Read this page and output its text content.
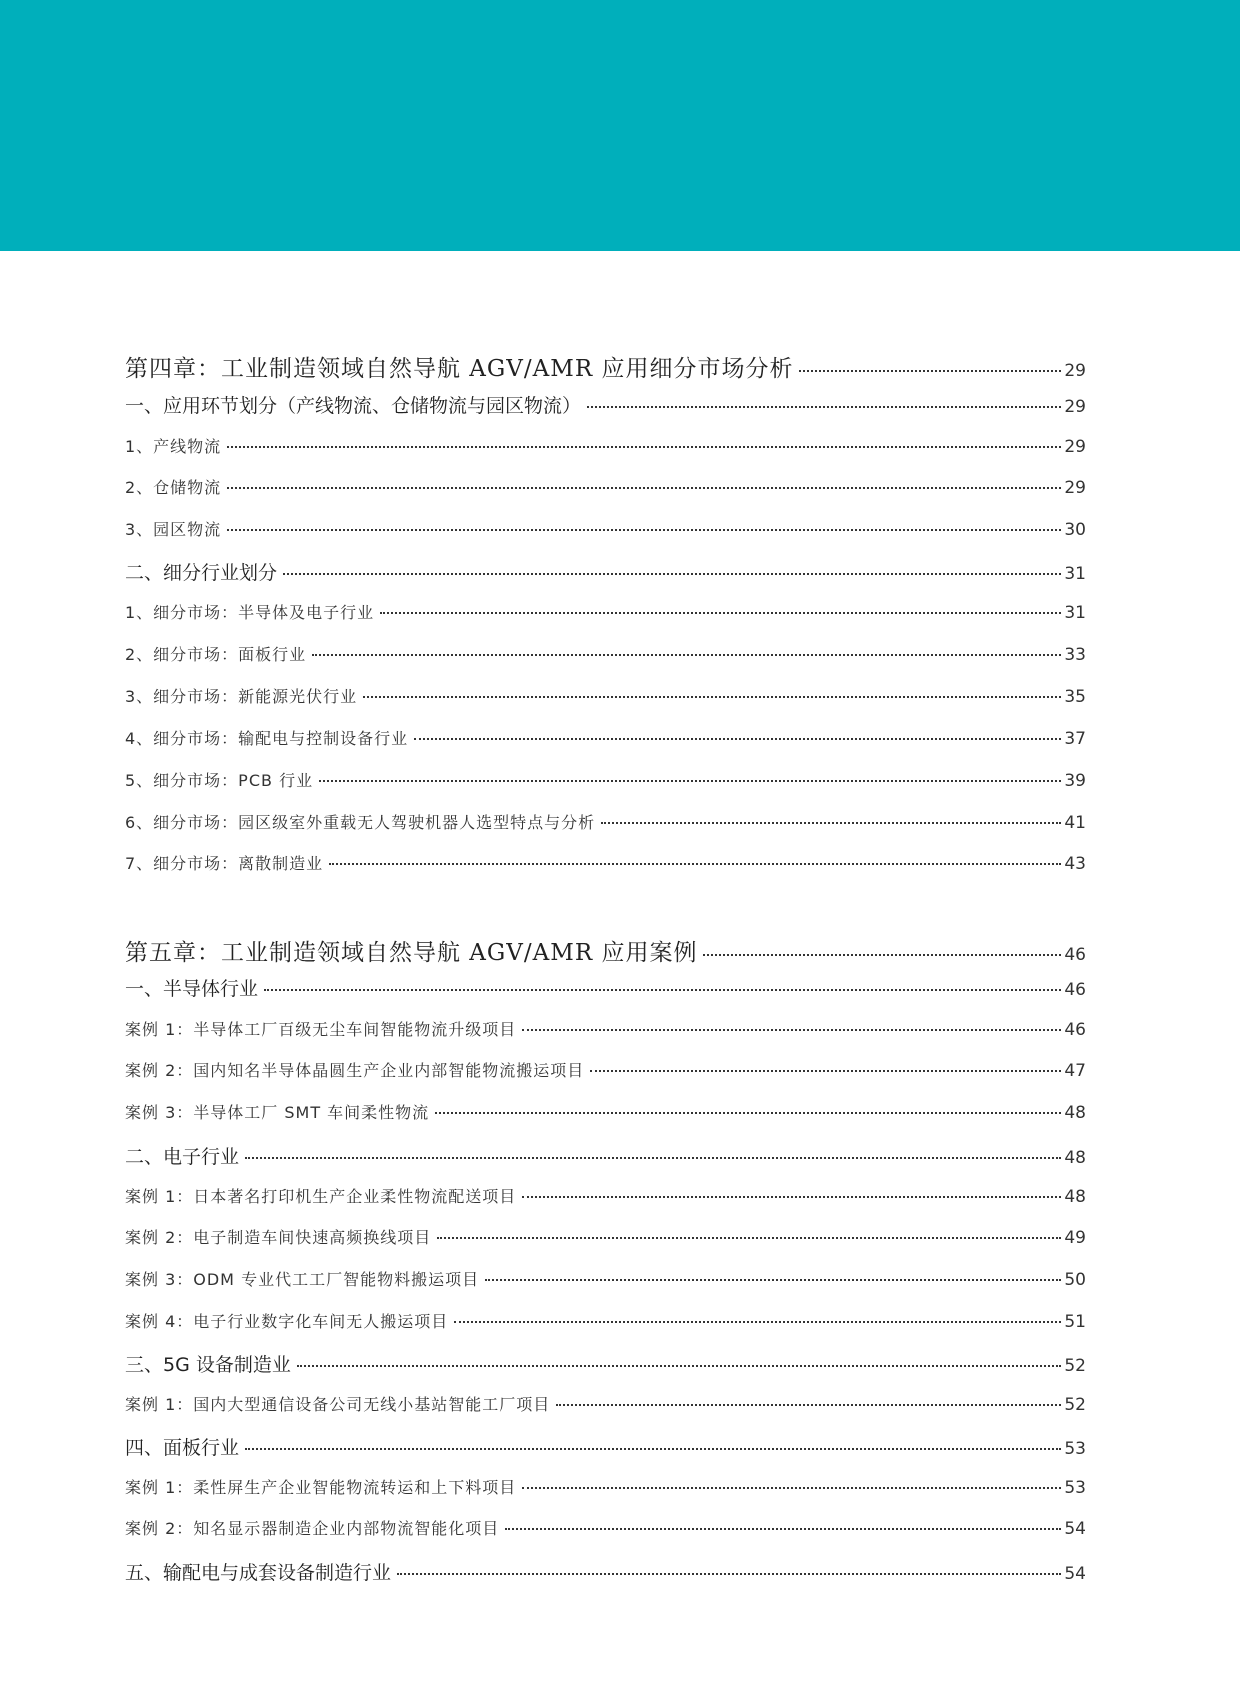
第四章：工业制造领域自然导航 AGV/AMR 应用细分市场分析	29
一、应用环节划分（产线物流、仓储物流与园区物流）	29
1、产线物流	29
2、仓储物流	29
3、园区物流	30
二、细分行业划分	31
1、细分市场：半导体及电子行业	31
2、细分市场：面板行业	33
3、细分市场：新能源光伏行业	35
4、细分市场：输配电与控制设备行业	37
5、细分市场：PCB 行业	39
6、细分市场：园区级室外重载无人驾驶机器人选型特点与分析	41
7、细分市场：离散制造业	43
第五章：工业制造领域自然导航 AGV/AMR 应用案例	46
一、半导体行业	46
案例 1：半导体工厂百级无尘车间智能物流升级项目	46
案例 2：国内知名半导体晶圆生产企业内部智能物流搬运项目	47
案例 3：半导体工厂 SMT 车间柔性物流	48
二、电子行业	48
案例 1：日本著名打印机生产企业柔性物流配送项目	48
案例 2：电子制造车间快速高频换线项目	49
案例 3：ODM 专业代工工厂智能物料搬运项目	50
案例 4：电子行业数字化车间无人搬运项目	51
三、5G 设备制造业	52
案例 1：国内大型通信设备公司无线小基站智能工厂项目	52
四、面板行业	53
案例 1：柔性屏生产企业智能物流转运和上下料项目	53
案例 2：知名显示器制造企业内部物流智能化项目	54
五、输配电与成套设备制造行业	54
